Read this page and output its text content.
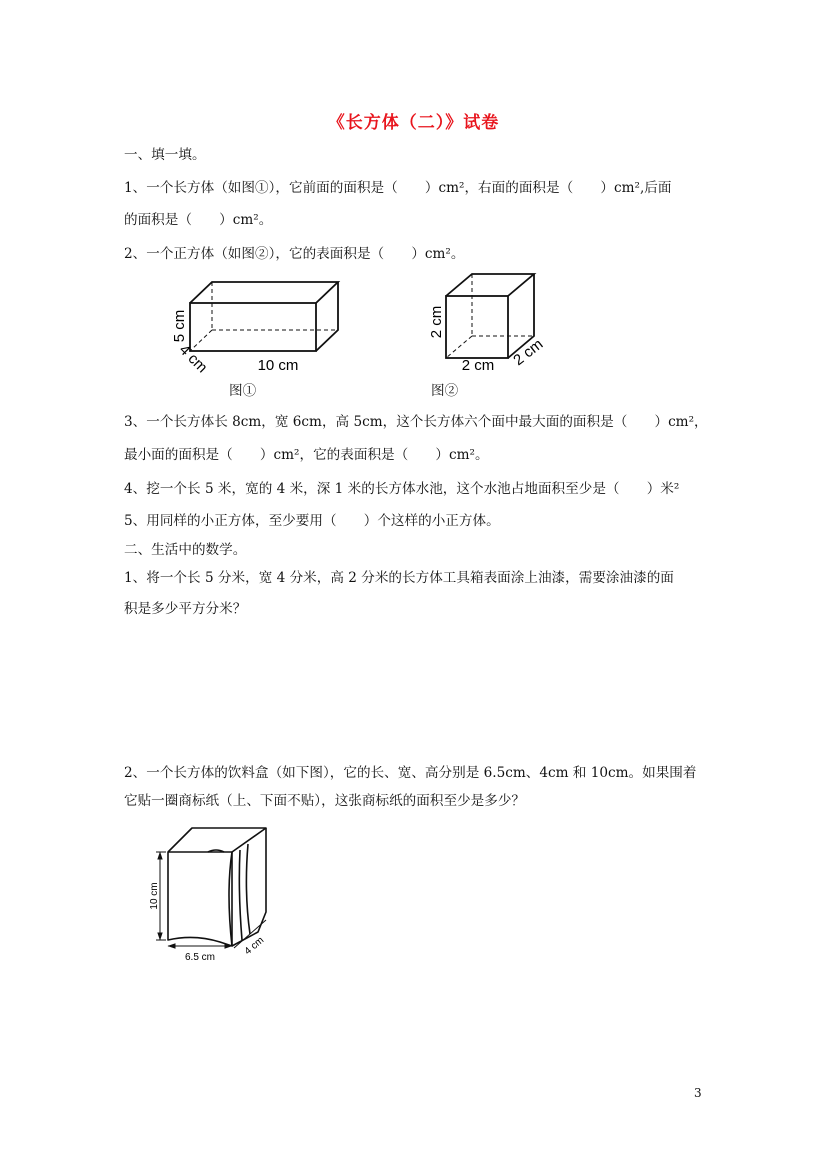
《长方体（二）》试卷
一、填一填。
1、一个长方体（如图①），它前面的面积是（　　）cm²，右面的面积是（　　）cm²,后面
的面积是（　　）cm²。
2、一个正方体（如图②），它的表面积是（　　）cm²。
5 cm
4 cm	10 cm
图①
2 cm
2 cm 2 cm
图②
3、一个长方体长 8cm，宽 6cm，高 5cm，这个长方体六个面中最大面的面积是（　　）cm²，
最小面的面积是（　　）cm²，它的表面积是（　　）cm²。
4、挖一个长 5 米，宽的 4 米，深 1 米的长方体水池，这个水池占地面积至少是（　　）米²
5、用同样的小正方体，至少要用（　　）个这样的小正方体。
二、生活中的数学。
1、将一个长 5 分米，宽 4 分米，高 2 分米的长方体工具箱表面涂上油漆，需要涂油漆的面
积是多少平方分米？
2、一个长方体的饮料盒（如下图），它的长、宽、高分别是 6.5cm、4cm 和 10cm。如果围着
它贴一圈商标纸（上、下面不贴），这张商标纸的面积至少是多少？
10 cm
6.5 cm
4 cm
3
